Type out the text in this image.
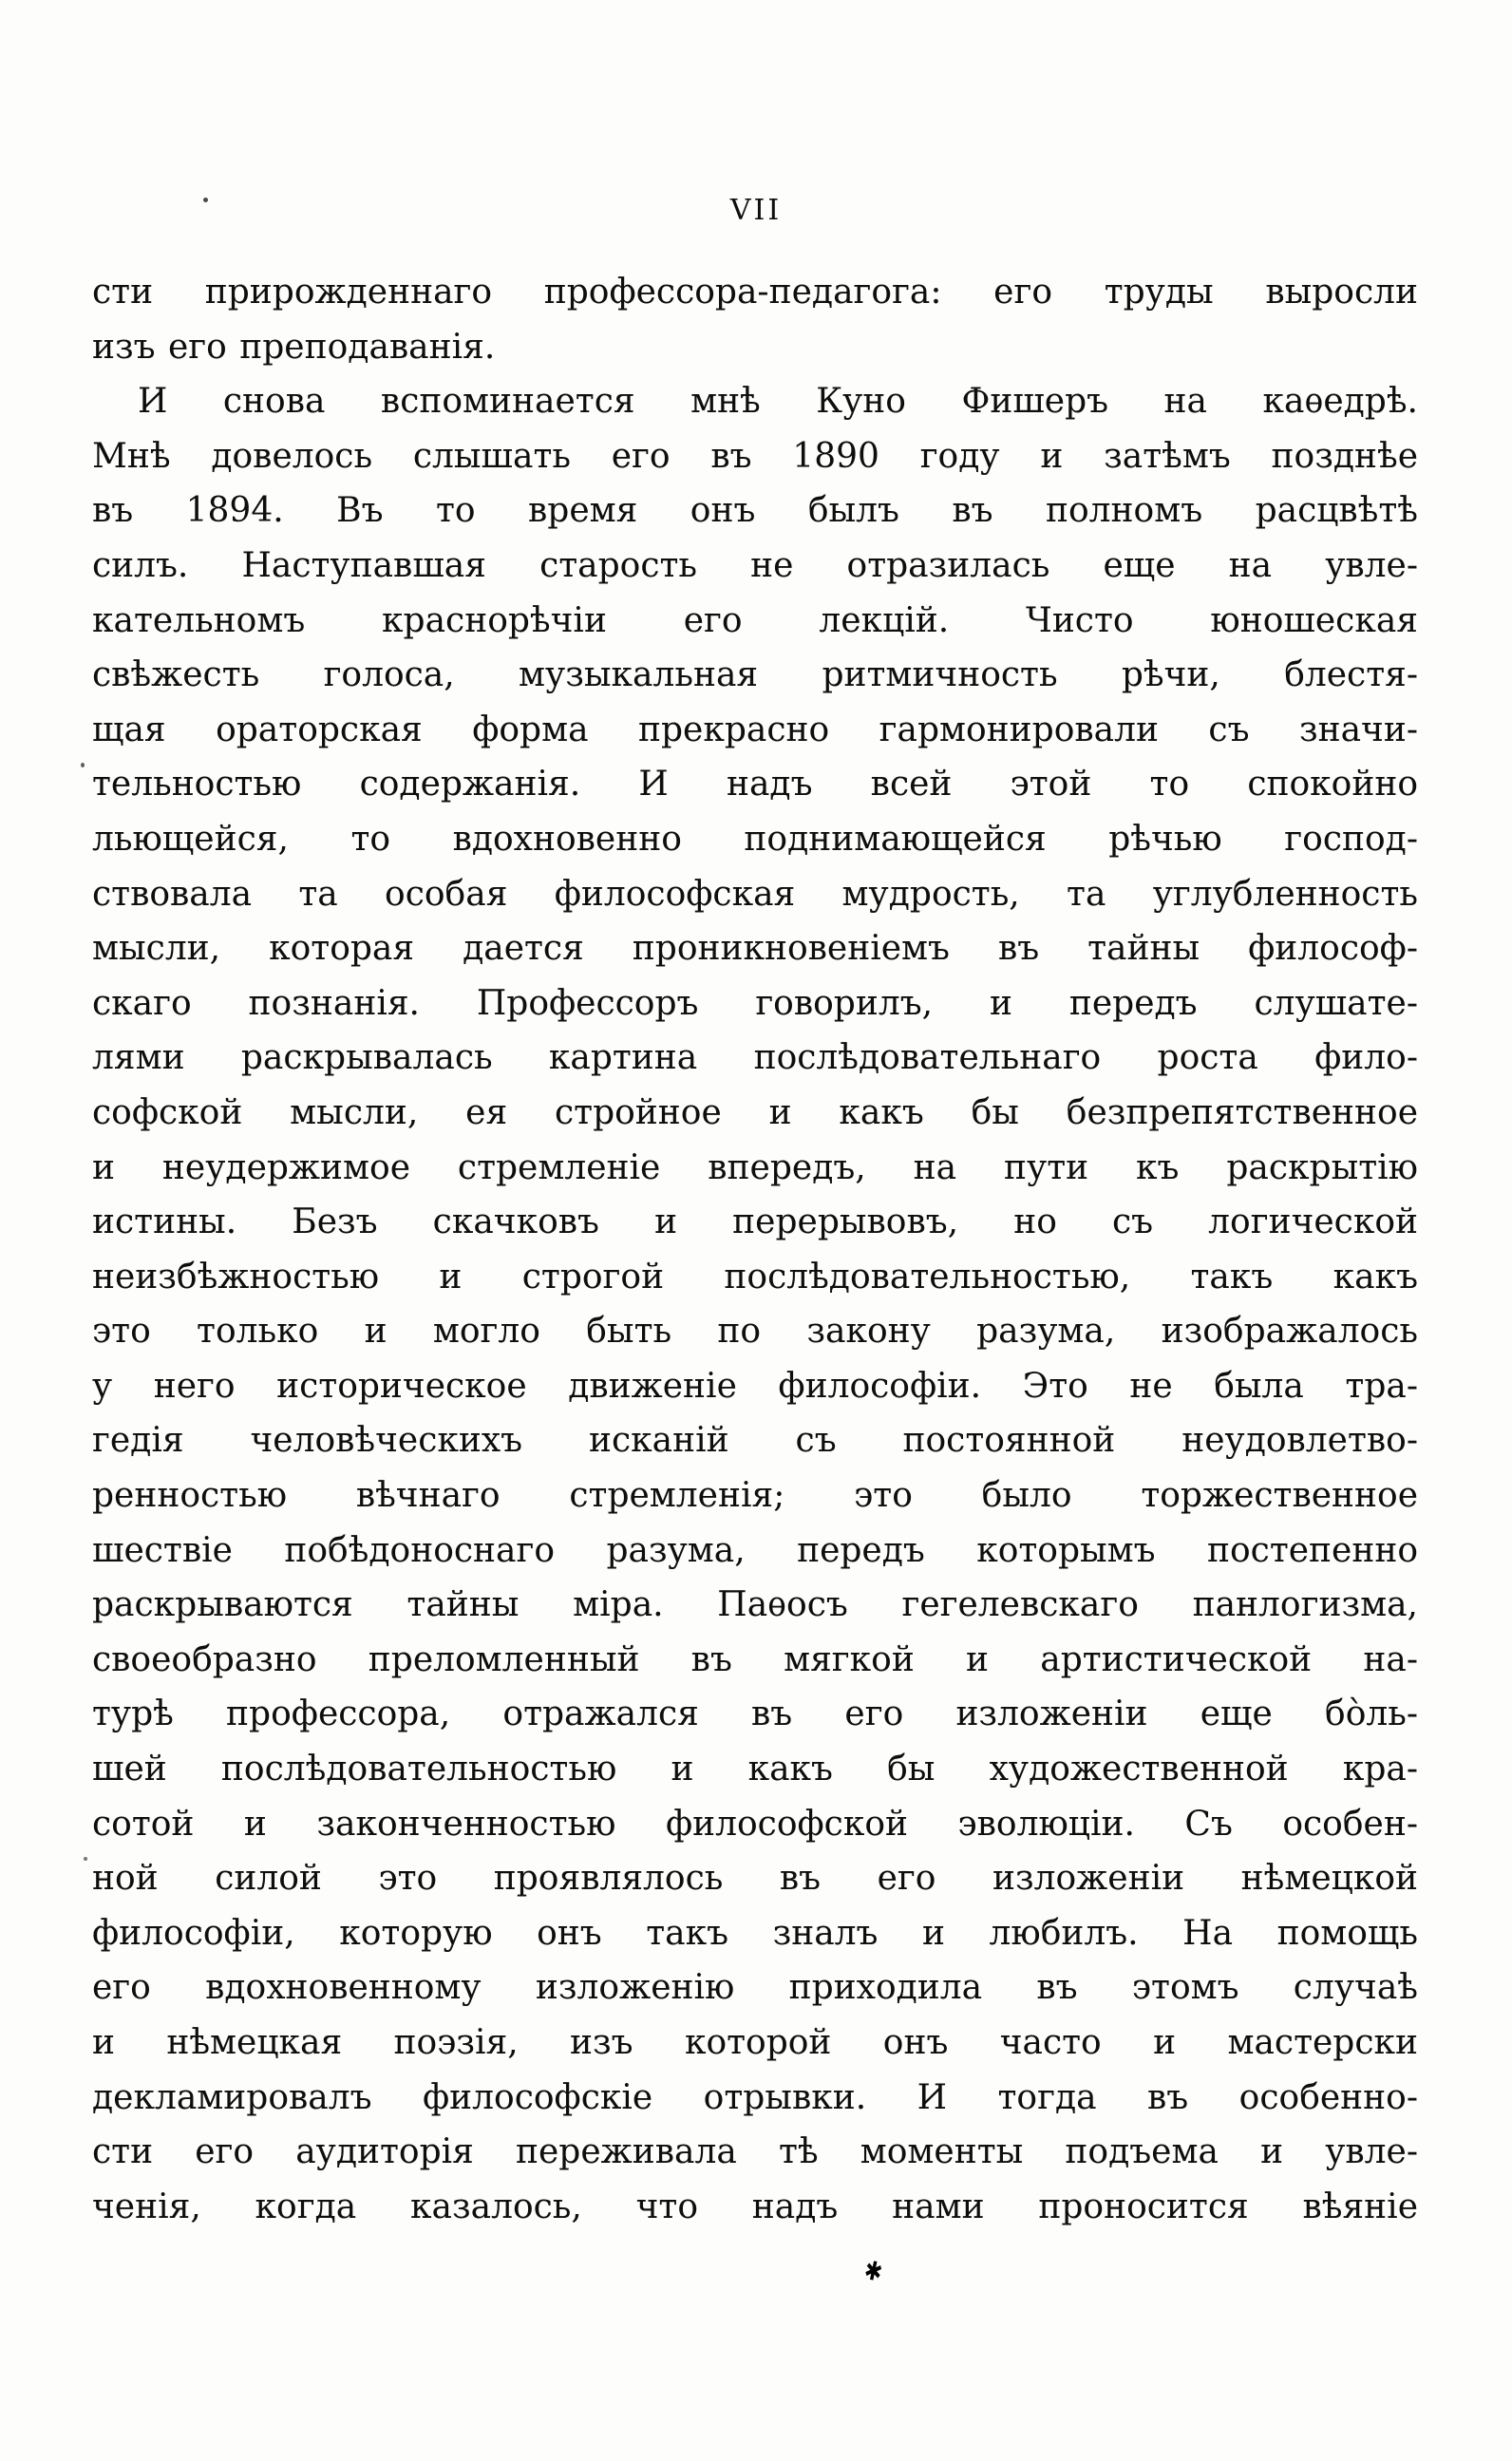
VII
сти прирожденнаго профессора-педагога: его труды выросли
изъ его преподаванія.
И снова вспоминается мнѣ Куно Фишеръ на каѳедрѣ.
Мнѣ довелось слышать его въ 1890 году и затѣмъ позднѣе
въ 1894. Въ то время онъ былъ въ полномъ расцвѣтѣ
силъ. Наступавшая старость не отразилась еще на увле-
кательномъ краснорѣчіи его лекцій. Чисто юношеская
свѣжесть голоса, музыкальная ритмичность рѣчи, блестя-
щая ораторская форма прекрасно гармонировали съ значи-
тельностью содержанія. И надъ всей этой то спокойно
льющейся, то вдохновенно поднимающейся рѣчью господ-
ствовала та особая философская мудрость, та углубленность
мысли, которая дается проникновеніемъ въ тайны философ-
скаго познанія. Профессоръ говорилъ, и передъ слушате-
лями раскрывалась картина послѣдовательнаго роста фило-
софской мысли, ея стройное и какъ бы безпрепятственное
и неудержимое стремленіе впередъ, на пути къ раскрытію
истины. Безъ скачковъ и перерывовъ, но съ логической
неизбѣжностью и строгой послѣдовательностью, такъ какъ
это только и могло быть по закону разума, изображалось
у него историческое движеніе философіи. Это не была тра-
гедія человѣческихъ исканій съ постоянной неудовлетво-
ренностью вѣчнаго стремленія; это было торжественное
шествіе побѣдоноснаго разума, передъ которымъ постепенно
раскрываются тайны міра. Паѳосъ гегелевскаго панлогизма,
своеобразно преломленный въ мягкой и артистической на-
турѣ профессора, отражался въ его изложеніи еще бо̀ль-
шей послѣдовательностью и какъ бы художественной кра-
сотой и законченностью философской эволюціи. Съ особен-
ной силой это проявлялось въ его изложеніи нѣмецкой
философіи, которую онъ такъ зналъ и любилъ. На помощь
его вдохновенному изложенію приходила въ этомъ случаѣ
и нѣмецкая поэзія, изъ которой онъ часто и мастерски
декламировалъ философскіе отрывки. И тогда въ особенно-
сти его аудиторія переживала тѣ моменты подъема и увле-
ченія, когда казалось, что надъ нами проносится вѣяніе
✱
